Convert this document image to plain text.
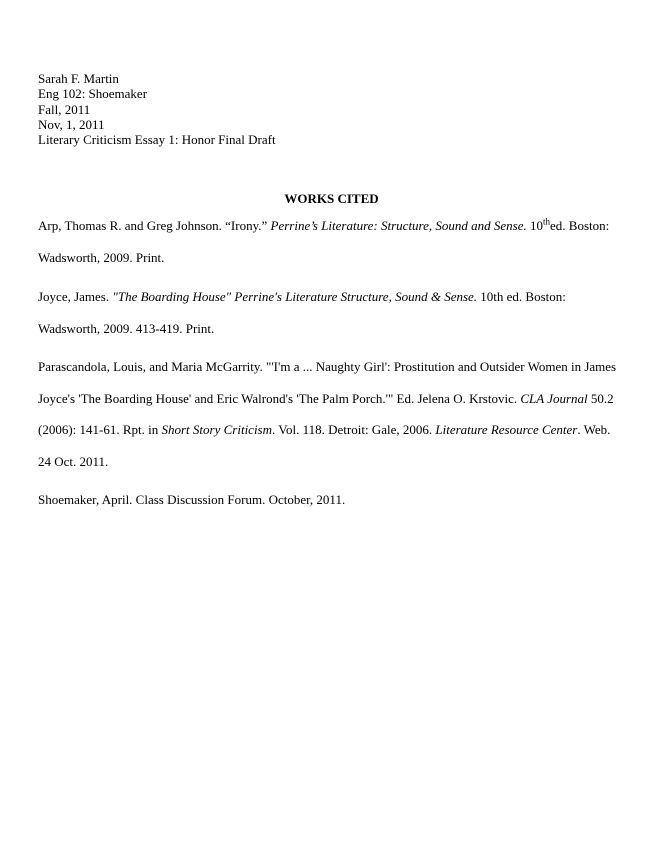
Sarah F. Martin
Eng 102: Shoemaker
Fall, 2011
Nov, 1, 2011
Literary Criticism Essay 1: Honor Final Draft
WORKS CITED
Arp, Thomas R. and Greg Johnson. “Irony.” Perrine’s Literature: Structure, Sound and Sense. 10thed. Boston:
Wadsworth, 2009. Print.
Joyce, James. "The Boarding House" Perrine's Literature Structure, Sound & Sense. 10th ed. Boston:
Wadsworth, 2009. 413-419. Print.
Parascandola, Louis, and Maria McGarrity. "'I'm a ... Naughty Girl': Prostitution and Outsider Women in James
Joyce's 'The Boarding House' and Eric Walrond's 'The Palm Porch.'" Ed. Jelena O. Krstovic. CLA Journal 50.2
(2006): 141-61. Rpt. in Short Story Criticism. Vol. 118. Detroit: Gale, 2006. Literature Resource Center. Web.
24 Oct. 2011.
Shoemaker, April. Class Discussion Forum. October, 2011.
